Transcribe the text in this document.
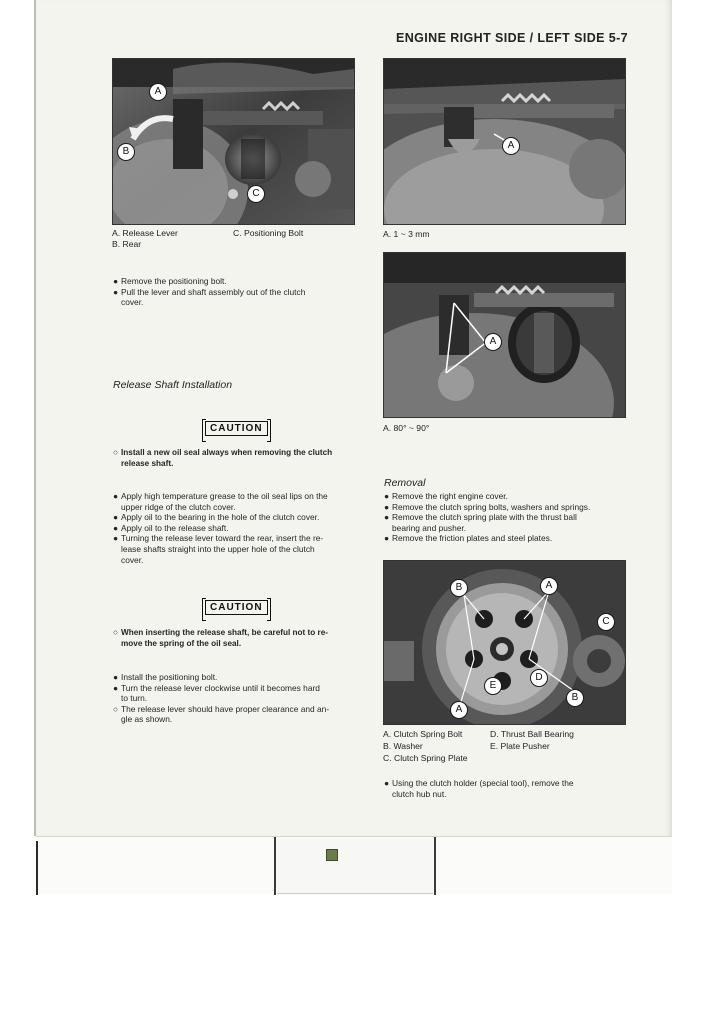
ENGINE RIGHT SIDE / LEFT SIDE 5-7
A
B
C
A. Release Lever	C. Positioning Bolt
B. Rear
A
A. 1 ~ 3 mm
A
A. 80° ~ 90°
B	A
C
E
D
B
A
A. Clutch Spring Bolt	D. Thrust Ball Bearing
B. Washer	E. Plate Pusher
C. Clutch Spring Plate
● Remove the positioning bolt.
● Pull the lever and shaft assembly out of the clutch
cover.
Release Shaft Installation
CAUTION
○ Install a new oil seal always when removing the clutch
release shaft.
● Apply high temperature grease to the oil seal lips on the
upper ridge of the clutch cover.
● Apply oil to the bearing in the hole of the clutch cover.
● Apply oil to the release shaft.
● Turning the release lever toward the rear, insert the re-
lease shafts straight into the upper hole of the clutch
cover.
CAUTION
○ When inserting the release shaft, be careful not to re-
move the spring of the oil seal.
● Install the positioning bolt.
● Turn the release lever clockwise until it becomes hard
to turn.
○ The release lever should have proper clearance and an-
gle as shown.
Removal
● Remove the right engine cover.
● Remove the clutch spring bolts, washers and springs.
● Remove the clutch spring plate with the thrust ball
bearing and pusher.
● Remove the friction plates and steel plates.
● Using the clutch holder (special tool), remove the
clutch hub nut.
